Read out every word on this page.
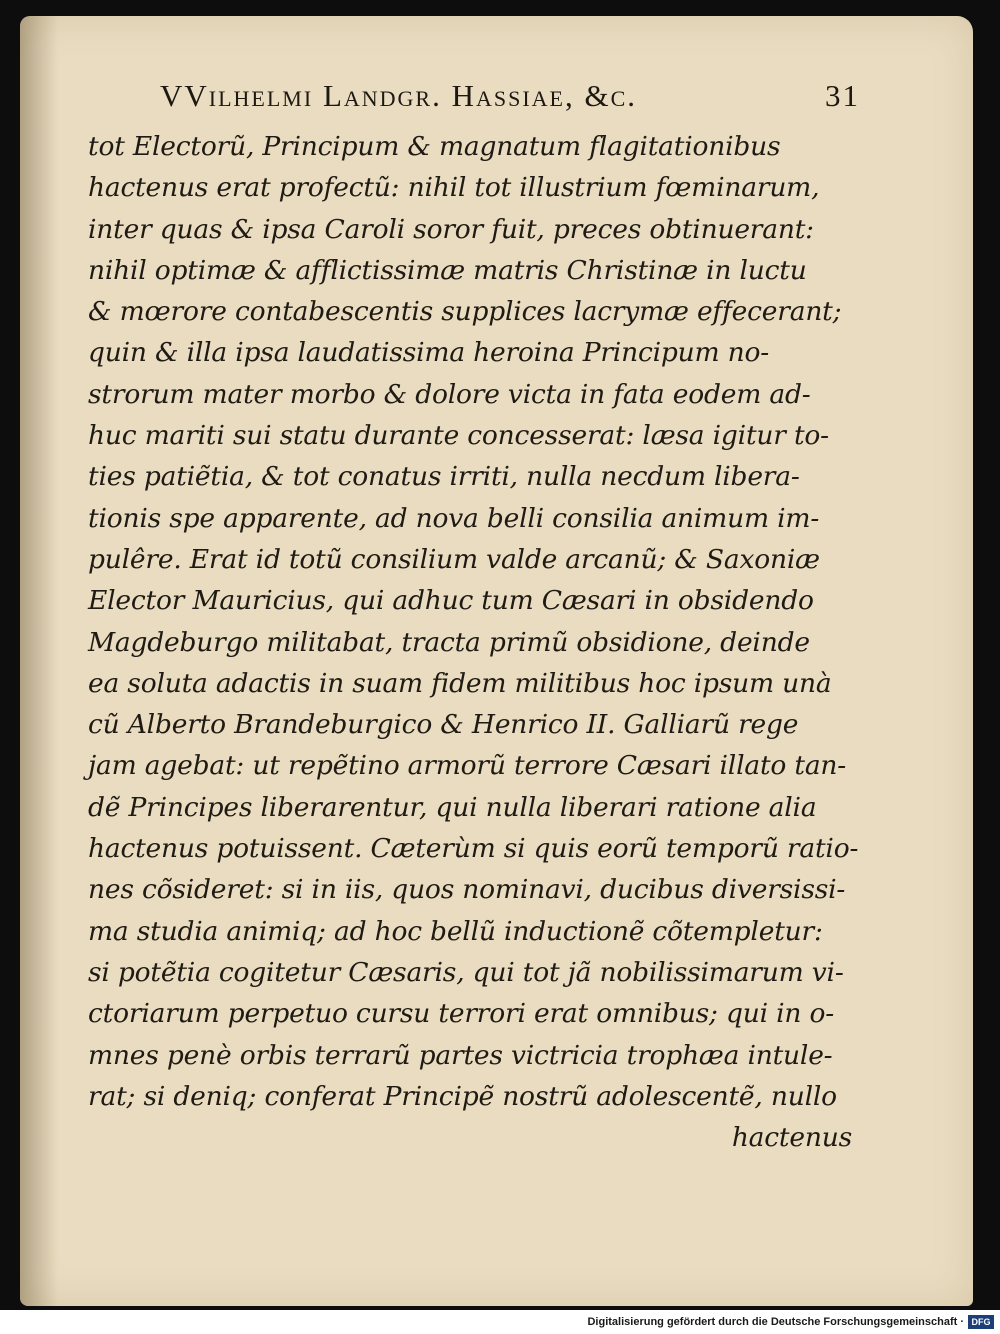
VVilhelmi Landgr. Hassiae, &c.	31
tot Electorũ, Principum & magnatum flagitationibus
hactenus erat profectũ: nihil tot illustrium fœminarum,
inter quas & ipsa Caroli soror fuit, preces obtinuerant:
nihil optimæ & afflictissimæ matris Christinæ in luctu
& mœrore contabescentis supplices lacrymæ effecerant;
quin & illa ipsa laudatissima heroina Principum no-
strorum mater morbo & dolore victa in fata eodem ad-
huc mariti sui statu durante concesserat: læsa igitur to-
ties patiẽtia, & tot conatus irriti, nulla necdum libera-
tionis spe apparente, ad nova belli consilia animum im-
pulêre. Erat id totũ consilium valde arcanũ; & Saxoniæ
Elector Mauricius, qui adhuc tum Cæsari in obsidendo
Magdeburgo militabat, tracta primũ obsidione, deinde
ea soluta adactis in suam fidem militibus hoc ipsum unà
cũ Alberto Brandeburgico & Henrico II. Galliarũ rege
jam agebat: ut repẽtino armorũ terrore Cæsari illato tan-
dẽ Principes liberarentur, qui nulla liberari ratione alia
hactenus potuissent. Cæterùm si quis eorũ temporũ ratio-
nes cõsideret: si in iis, quos nominavi, ducibus diversissi-
ma studia animiq; ad hoc bellũ inductionẽ cõtempletur:
si potẽtia cogitetur Cæsaris, qui tot jã nobilissimarum vi-
ctoriarum perpetuo cursu terrori erat omnibus; qui in o-
mnes penè orbis terrarũ partes victricia trophæa intule-
rat; si deniq; conferat Principẽ nostrũ adolescentẽ, nullo
hactenus
Digitalisierung gefördert durch die Deutsche Forschungsgemeinschaft · DFG
